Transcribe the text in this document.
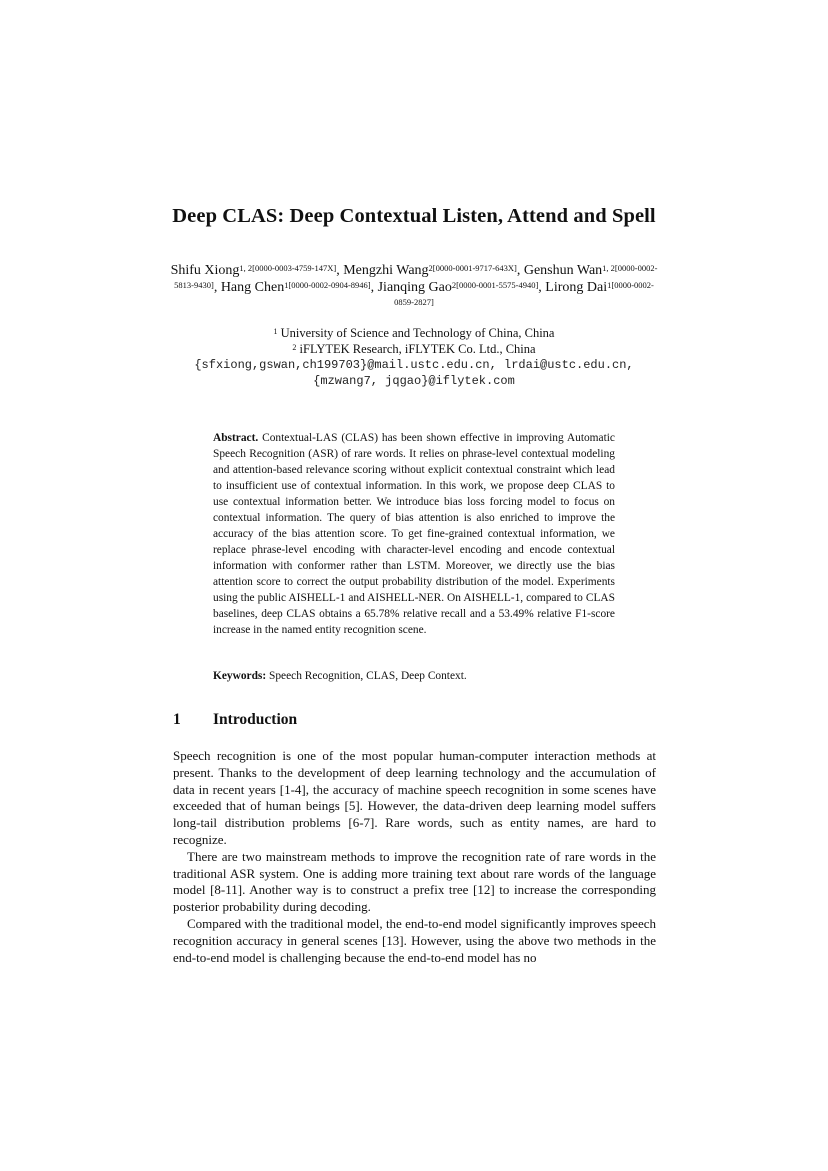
Deep CLAS: Deep Contextual Listen, Attend and Spell
Shifu Xiong$^{1, 2[0000-0003-4759-147X]}$, Mengzhi Wang$^{2[0000-0001-9717-643X]}$, Genshun Wan$^{1, 2[0000-0002-5813-9430]}$, Hang Chen$^{1[0000-0002-0904-8946]}$, Jianqing Gao$^{2[0000-0001-5575-4940]}$, Lirong Dai$^{1[0000-0002-0859-2827]}$
$^1$ University of Science and Technology of China, China
$^2$ iFLYTEK Research, iFLYTEK Co. Ltd., China
{sfxiong,gswan,ch199703}@mail.ustc.edu.cn, lrdai@ustc.edu.cn,
{mzwang7, jqgao}@iflytek.com
Abstract. Contextual-LAS (CLAS) has been shown effective in improving Automatic Speech Recognition (ASR) of rare words. It relies on phrase-level contextual modeling and attention-based relevance scoring without explicit contextual constraint which lead to insufficient use of contextual information. In this work, we propose deep CLAS to use contextual information better. We introduce bias loss forcing model to focus on contextual information. The query of bias attention is also enriched to improve the accuracy of the bias attention score. To get fine-grained contextual information, we replace phrase-level encoding with character-level encoding and encode contextual information with conformer rather than LSTM. Moreover, we directly use the bias attention score to correct the output probability distribution of the model. Experiments using the public AISHELL-1 and AISHELL-NER. On AISHELL-1, compared to CLAS baselines, deep CLAS obtains a 65.78% relative recall and a 53.49% relative F1-score increase in the named entity recognition scene.
Keywords: Speech Recognition, CLAS, Deep Context.
1 Introduction

Speech recognition is one of the most popular human-computer interaction methods at present. Thanks to the development of deep learning technology and the accumulation of data in recent years [1-4], the accuracy of machine speech recognition in some scenes have exceeded that of human beings [5]. However, the data-driven deep learning model suffers long-tail distribution problems [6-7]. Rare words, such as entity names, are hard to recognize.

There are two mainstream methods to improve the recognition rate of rare words in the traditional ASR system. One is adding more training text about rare words of the language model [8-11]. Another way is to construct a prefix tree [12] to increase the corresponding posterior probability during decoding.

Compared with the traditional model, the end-to-end model significantly improves speech recognition accuracy in general scenes [13]. However, using the above two methods in the end-to-end model is challenging because the end-to-end model has no
